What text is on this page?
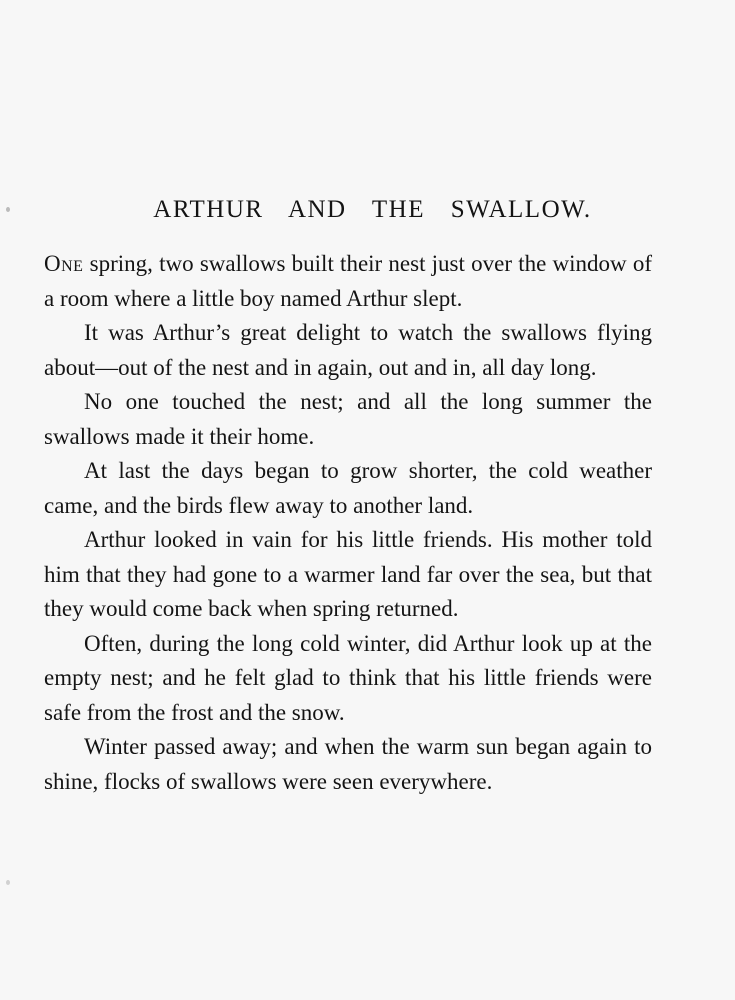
ARTHUR AND THE SWALLOW.

One spring, two swallows built their nest just over the window of a room where a little boy named Arthur slept.

It was Arthur’s great delight to watch the swallows flying about—out of the nest and in again, out and in, all day long.

No one touched the nest; and all the long summer the swallows made it their home.

At last the days began to grow shorter, the cold weather came, and the birds flew away to another land.

Arthur looked in vain for his little friends. His mother told him that they had gone to a warmer land far over the sea, but that they would come back when spring returned.

Often, during the long cold winter, did Arthur look up at the empty nest; and he felt glad to think that his little friends were safe from the frost and the snow.

Winter passed away; and when the warm sun began again to shine, flocks of swallows were seen everywhere.
